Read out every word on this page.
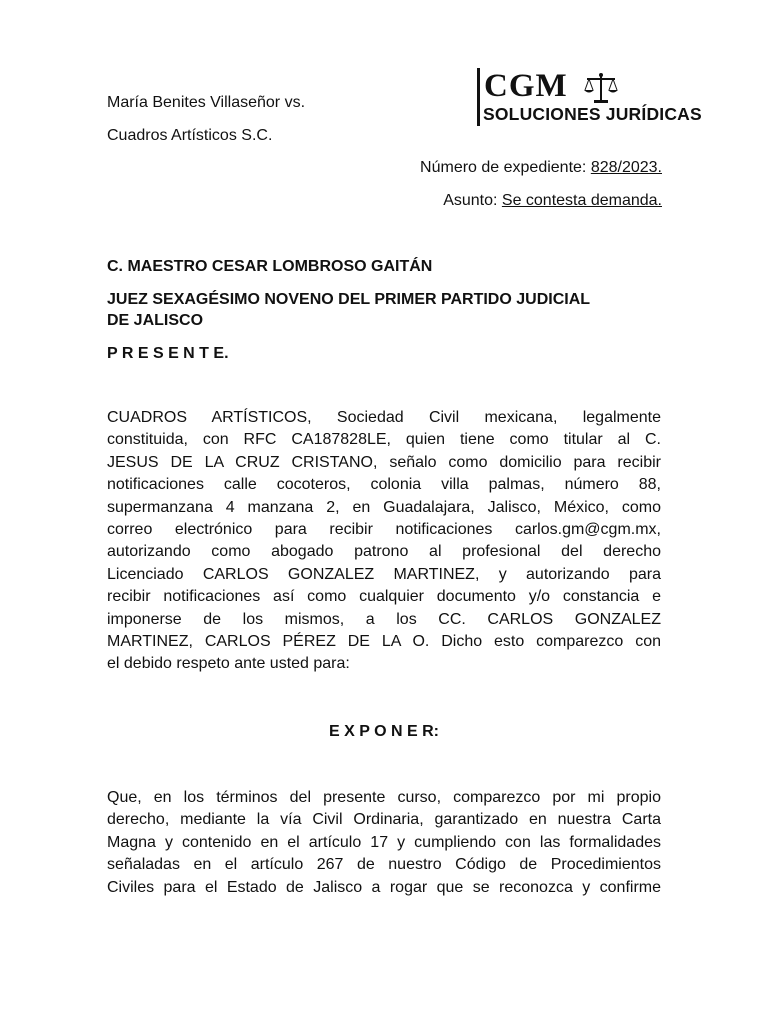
CGM
SOLUCIONES JURÍDICAS
María Benites Villaseñor vs.
Cuadros Artísticos S.C.
Número de expediente: 828/2023.
Asunto: Se contesta demanda.
C. MAESTRO CESAR LOMBROSO GAITÁN
JUEZ SEXAGÉSIMO NOVENO DEL PRIMER PARTIDO JUDICIAL
DE JALISCO
P R E S E N T E.
CUADROS ARTÍSTICOS, Sociedad Civil mexicana, legalmente
constituida, con RFC CA187828LE, quien tiene como titular al C.
JESUS DE LA CRUZ CRISTANO, señalo como domicilio para recibir
notificaciones calle cocoteros, colonia villa palmas, número 88,
supermanzana 4 manzana 2, en Guadalajara, Jalisco, México, como
correo electrónico para recibir notificaciones carlos.gm@cgm.mx,
autorizando como abogado patrono al profesional del derecho
Licenciado CARLOS GONZALEZ MARTINEZ, y autorizando para
recibir notificaciones así como cualquier documento y/o constancia e
imponerse de los mismos, a los CC. CARLOS GONZALEZ
MARTINEZ, CARLOS PÉREZ DE LA O. Dicho esto comparezco con
el debido respeto ante usted para:
E X P O N E R:
Que, en los términos del presente curso, comparezco por mi propio
derecho, mediante la vía Civil Ordinaria, garantizado en nuestra Carta
Magna y contenido en el artículo 17 y cumpliendo con las formalidades
señaladas en el artículo 267 de nuestro Código de Procedimientos
Civiles para el Estado de Jalisco a rogar que se reconozca y confirme
